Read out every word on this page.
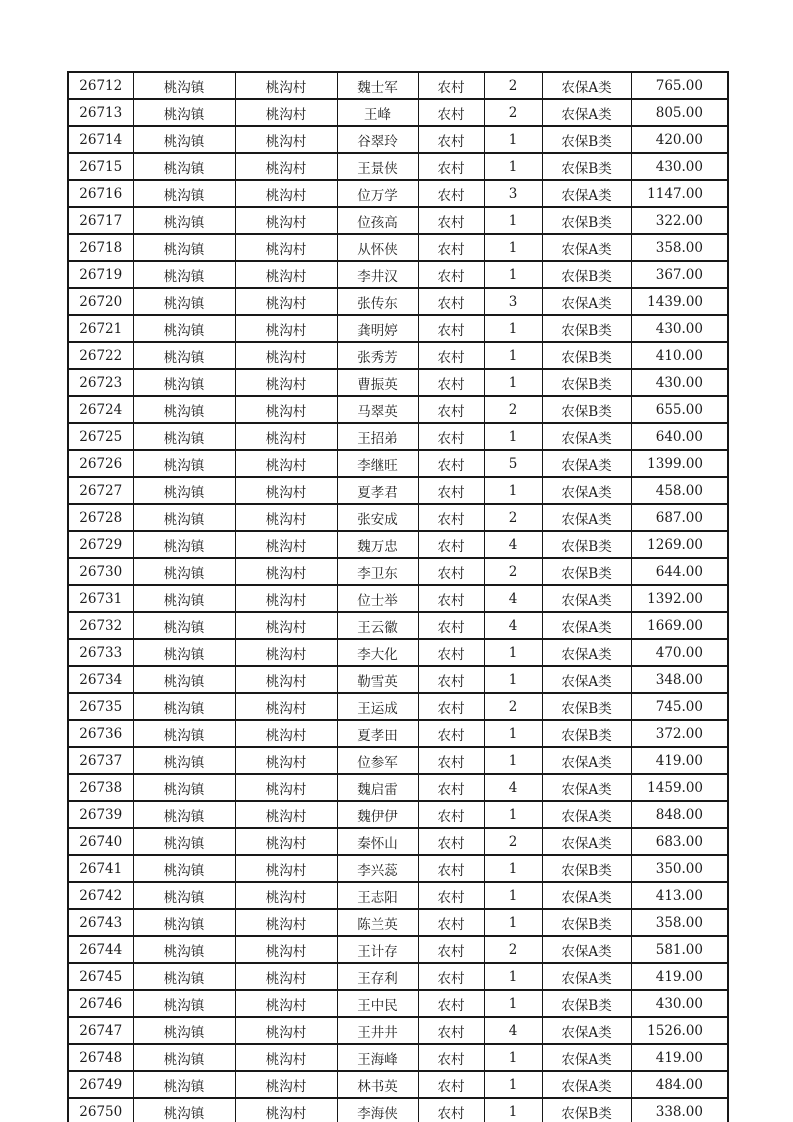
26712	桃沟镇	桃沟村	魏士军	农村	2	农保A类	765.00
26713	桃沟镇	桃沟村	王峰	农村	2	农保A类	805.00
26714	桃沟镇	桃沟村	谷翠玲	农村	1	农保B类	420.00
26715	桃沟镇	桃沟村	王景侠	农村	1	农保B类	430.00
26716	桃沟镇	桃沟村	位万学	农村	3	农保A类	1147.00
26717	桃沟镇	桃沟村	位孩高	农村	1	农保B类	322.00
26718	桃沟镇	桃沟村	从怀侠	农村	1	农保A类	358.00
26719	桃沟镇	桃沟村	李井汉	农村	1	农保B类	367.00
26720	桃沟镇	桃沟村	张传东	农村	3	农保A类	1439.00
26721	桃沟镇	桃沟村	龚明婷	农村	1	农保B类	430.00
26722	桃沟镇	桃沟村	张秀芳	农村	1	农保B类	410.00
26723	桃沟镇	桃沟村	曹振英	农村	1	农保B类	430.00
26724	桃沟镇	桃沟村	马翠英	农村	2	农保B类	655.00
26725	桃沟镇	桃沟村	王招弟	农村	1	农保A类	640.00
26726	桃沟镇	桃沟村	李继旺	农村	5	农保A类	1399.00
26727	桃沟镇	桃沟村	夏孝君	农村	1	农保A类	458.00
26728	桃沟镇	桃沟村	张安成	农村	2	农保A类	687.00
26729	桃沟镇	桃沟村	魏万忠	农村	4	农保B类	1269.00
26730	桃沟镇	桃沟村	李卫东	农村	2	农保B类	644.00
26731	桃沟镇	桃沟村	位士举	农村	4	农保A类	1392.00
26732	桃沟镇	桃沟村	王云徽	农村	4	农保A类	1669.00
26733	桃沟镇	桃沟村	李大化	农村	1	农保A类	470.00
26734	桃沟镇	桃沟村	勒雪英	农村	1	农保A类	348.00
26735	桃沟镇	桃沟村	王运成	农村	2	农保B类	745.00
26736	桃沟镇	桃沟村	夏孝田	农村	1	农保B类	372.00
26737	桃沟镇	桃沟村	位参军	农村	1	农保A类	419.00
26738	桃沟镇	桃沟村	魏启雷	农村	4	农保A类	1459.00
26739	桃沟镇	桃沟村	魏伊伊	农村	1	农保A类	848.00
26740	桃沟镇	桃沟村	秦怀山	农村	2	农保A类	683.00
26741	桃沟镇	桃沟村	李兴蕊	农村	1	农保B类	350.00
26742	桃沟镇	桃沟村	王志阳	农村	1	农保A类	413.00
26743	桃沟镇	桃沟村	陈兰英	农村	1	农保B类	358.00
26744	桃沟镇	桃沟村	王计存	农村	2	农保A类	581.00
26745	桃沟镇	桃沟村	王存利	农村	1	农保A类	419.00
26746	桃沟镇	桃沟村	王中民	农村	1	农保B类	430.00
26747	桃沟镇	桃沟村	王井井	农村	4	农保A类	1526.00
26748	桃沟镇	桃沟村	王海峰	农村	1	农保A类	419.00
26749	桃沟镇	桃沟村	林书英	农村	1	农保A类	484.00
26750	桃沟镇	桃沟村	李海侠	农村	1	农保B类	338.00
